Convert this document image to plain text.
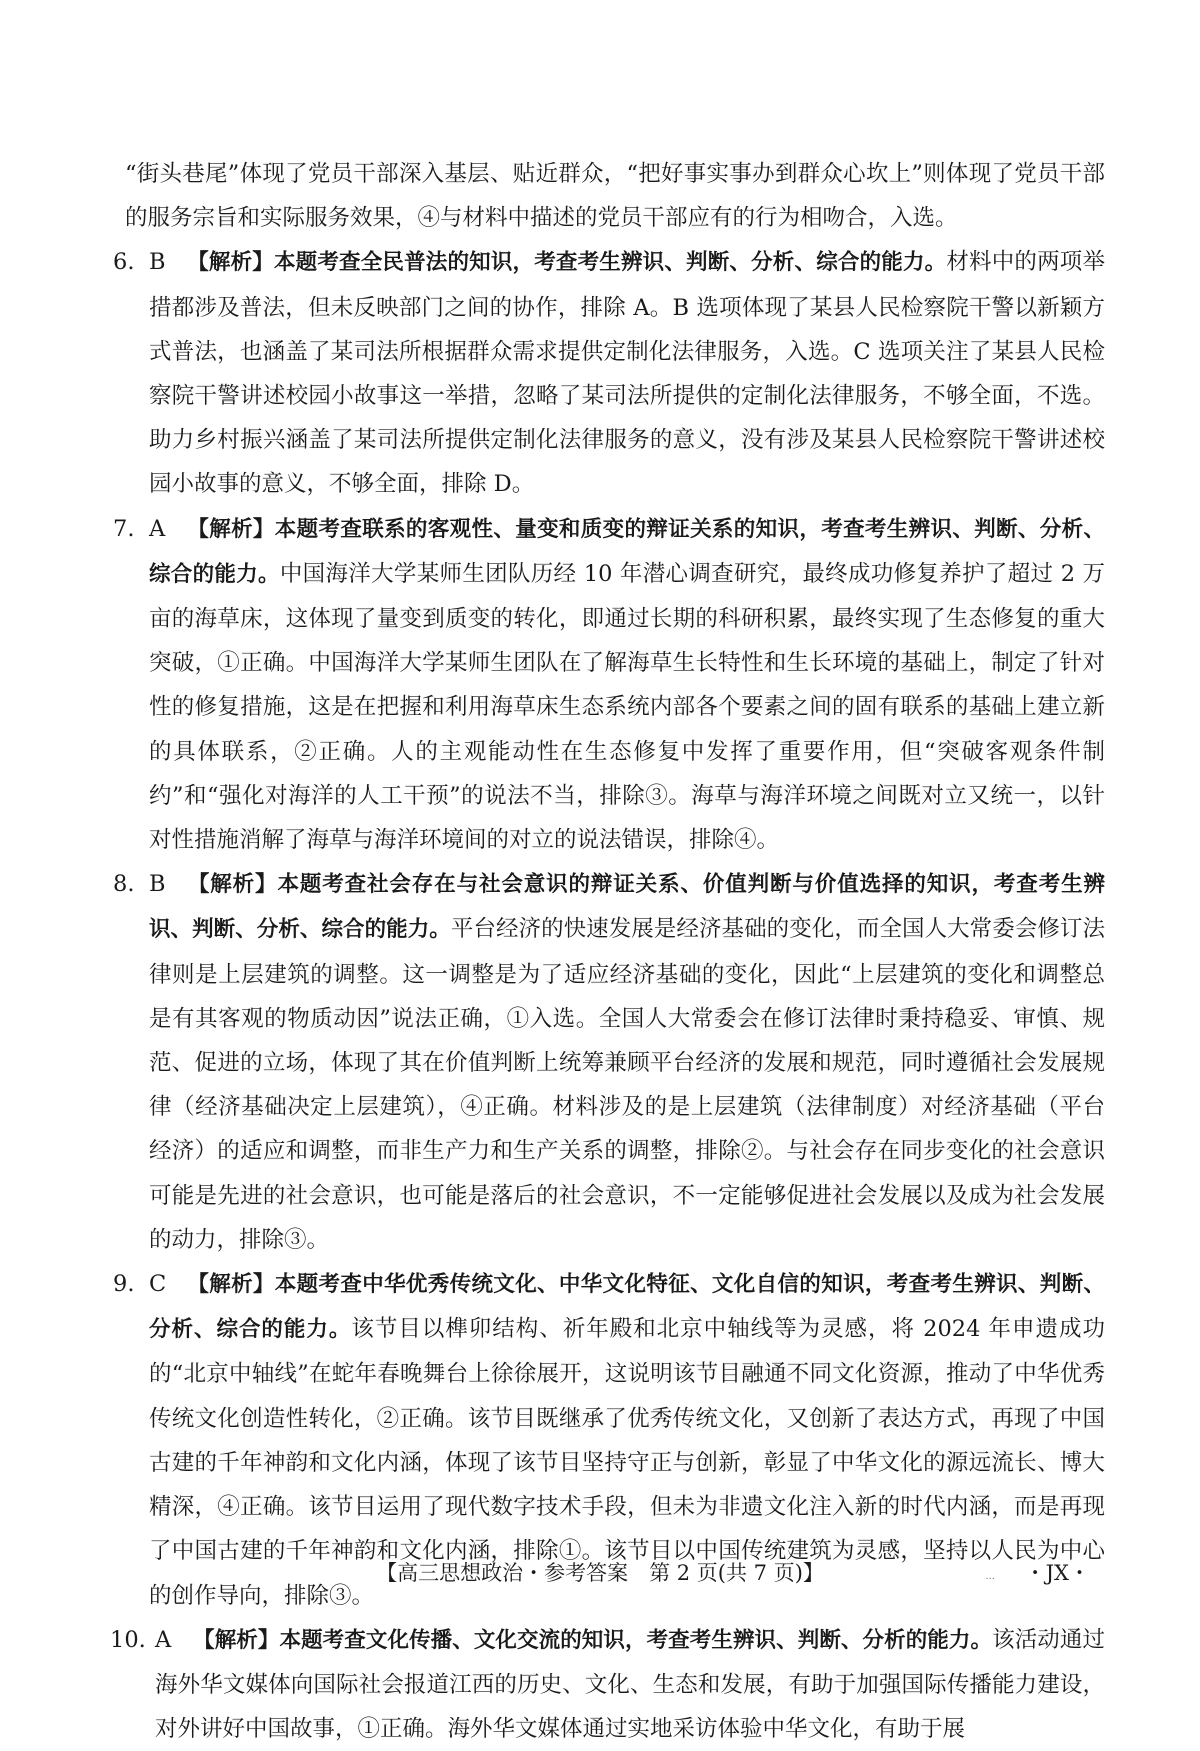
“街头巷尾”体现了党员干部深入基层、贴近群众，“把好事实事办到群众心坎上”则体现了党员干部的服务宗旨和实际服务效果，④与材料中描述的党员干部应有的行为相吻合，入选。

6. B 【解析】本题考查全民普法的知识，考查考生辨识、判断、分析、综合的能力。材料中的两项举措都涉及普法，但未反映部门之间的协作，排除 A。B 选项体现了某县人民检察院干警以新颖方式普法，也涵盖了某司法所根据群众需求提供定制化法律服务，入选。C 选项关注了某县人民检察院干警讲述校园小故事这一举措，忽略了某司法所提供的定制化法律服务，不够全面，不选。助力乡村振兴涵盖了某司法所提供定制化法律服务的意义，没有涉及某县人民检察院干警讲述校园小故事的意义，不够全面，排除 D。

7. A 【解析】本题考查联系的客观性、量变和质变的辩证关系的知识，考查考生辨识、判断、分析、综合的能力。中国海洋大学某师生团队历经 10 年潜心调查研究，最终成功修复养护了超过 2 万亩的海草床，这体现了量变到质变的转化，即通过长期的科研积累，最终实现了生态修复的重大突破，①正确。中国海洋大学某师生团队在了解海草生长特性和生长环境的基础上，制定了针对性的修复措施，这是在把握和利用海草床生态系统内部各个要素之间的固有联系的基础上建立新的具体联系，②正确。人的主观能动性在生态修复中发挥了重要作用，但“突破客观条件制约”和“强化对海洋的人工干预”的说法不当，排除③。海草与海洋环境之间既对立又统一，以针对性措施消解了海草与海洋环境间的对立的说法错误，排除④。

8. B 【解析】本题考查社会存在与社会意识的辩证关系、价值判断与价值选择的知识，考查考生辨识、判断、分析、综合的能力。平台经济的快速发展是经济基础的变化，而全国人大常委会修订法律则是上层建筑的调整。这一调整是为了适应经济基础的变化，因此“上层建筑的变化和调整总是有其客观的物质动因”说法正确，①入选。全国人大常委会在修订法律时秉持稳妥、审慎、规范、促进的立场，体现了其在价值判断上统筹兼顾平台经济的发展和规范，同时遵循社会发展规律（经济基础决定上层建筑），④正确。材料涉及的是上层建筑（法律制度）对经济基础（平台经济）的适应和调整，而非生产力和生产关系的调整，排除②。与社会存在同步变化的社会意识可能是先进的社会意识，也可能是落后的社会意识，不一定能够促进社会发展以及成为社会发展的动力，排除③。

9. C 【解析】本题考查中华优秀传统文化、中华文化特征、文化自信的知识，考查考生辨识、判断、分析、综合的能力。该节目以榫卯结构、祈年殿和北京中轴线等为灵感，将 2024 年申遗成功的“北京中轴线”在蛇年春晚舞台上徐徐展开，这说明该节目融通不同文化资源，推动了中华优秀传统文化创造性转化，②正确。该节目既继承了优秀传统文化，又创新了表达方式，再现了中国古建的千年神韵和文化内涵，体现了该节目坚持守正与创新，彰显了中华文化的源远流长、博大精深，④正确。该节目运用了现代数字技术手段，但未为非遗文化注入新的时代内涵，而是再现了中国古建的千年神韵和文化内涵，排除①。该节目以中国传统建筑为灵感，坚持以人民为中心的创作导向，排除③。

10. A 【解析】本题考查文化传播、文化交流的知识，考查考生辨识、判断、分析的能力。该活动通过海外华文媒体向国际社会报道江西的历史、文化、生态和发展，有助于加强国际传播能力建设，对外讲好中国故事，①正确。海外华文媒体通过实地采访体验中华文化，有助于展

【高三思想政治・参考答案　第 2 页(共 7 页)】	... ・JX・
